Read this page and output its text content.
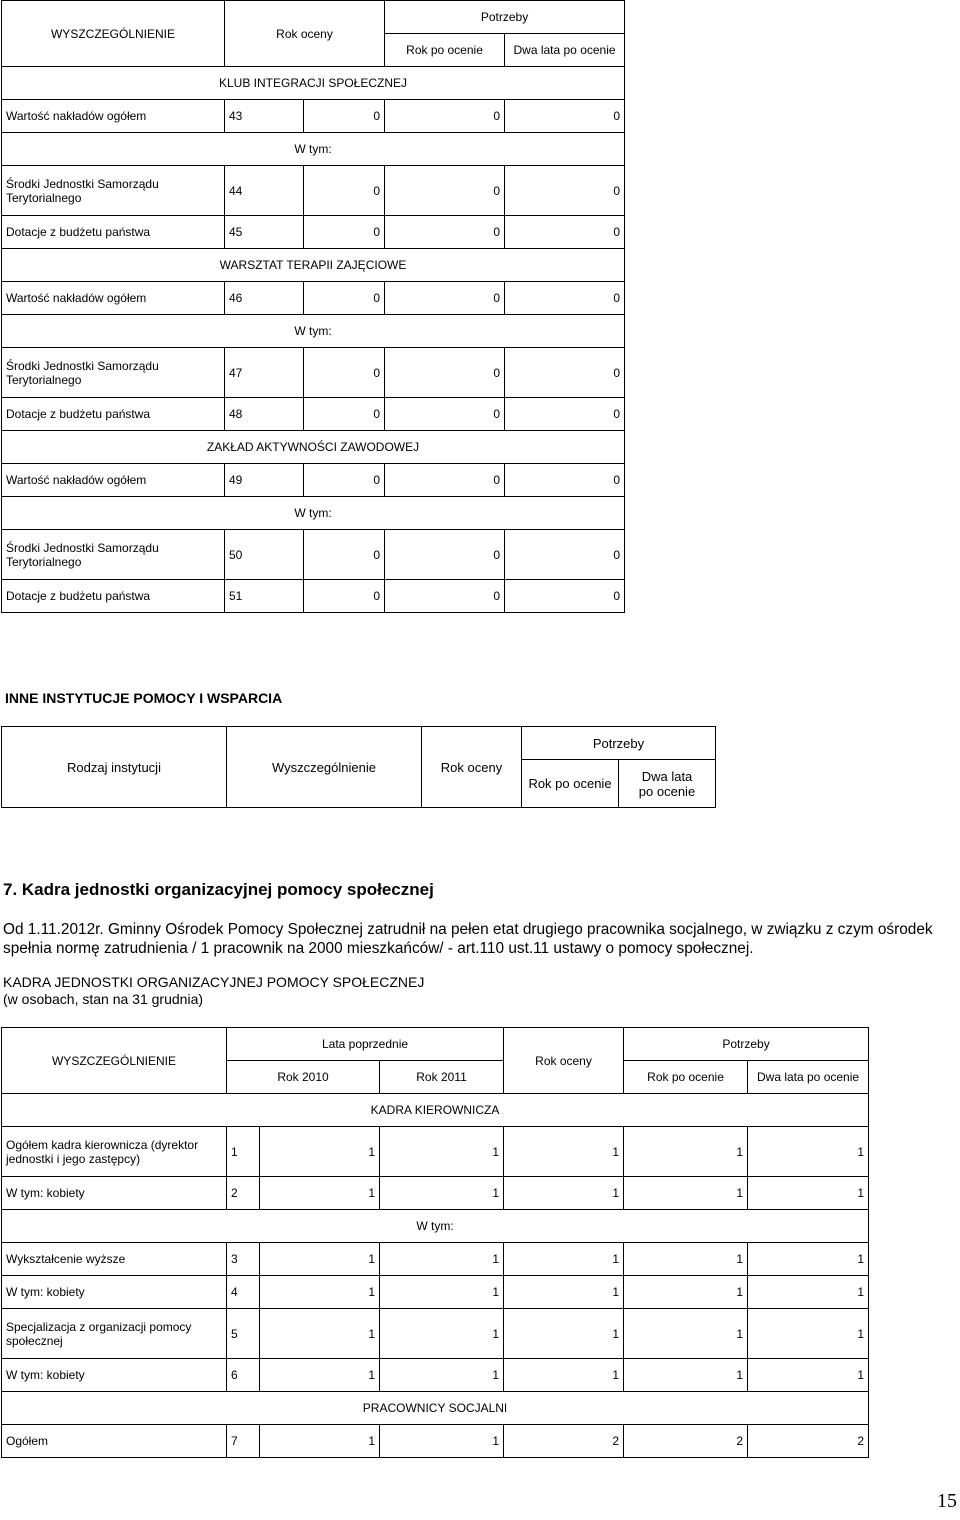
WYSZCZEGÓLNIENIE	Rok oceny		Potrzeby	
			Rok po ocenie	Dwa lata po ocenie
KLUB INTEGRACJI SPOŁECZNEJ				
Wartość nakładów ogółem	43	0	0	0
W tym:				
Środki Jednostki Samorządu Terytorialnego	44	0	0	0
Dotacje z budżetu państwa	45	0	0	0
WARSZTAT TERAPII ZAJĘCIOWE				
Wartość nakładów ogółem	46	0	0	0
W tym:				
Środki Jednostki Samorządu Terytorialnego	47	0	0	0
Dotacje z budżetu państwa	48	0	0	0
ZAKŁAD AKTYWNOŚCI ZAWODOWEJ				
Wartość nakładów ogółem	49	0	0	0
W tym:				
Środki Jednostki Samorządu Terytorialnego	50	0	0	0
Dotacje z budżetu państwa	51	0	0	0
INNE INSTYTUCJE POMOCY I WSPARCIA
Rodzaj instytucji	Wyszczególnienie	Rok oceny	Potrzeby	
			Rok po ocenie	Dwa lata
po ocenie
7. Kadra jednostki organizacyjnej pomocy społecznej
Od 1.11.2012r. Gminny Ośrodek Pomocy Społecznej zatrudnił na pełen etat drugiego pracownika socjalnego, w związku z czym ośrodek spełnia normę zatrudnienia / 1 pracownik na 2000 mieszkańców/ - art.110 ust.11 ustawy o pomocy społecznej.
KADRA JEDNOSTKI ORGANIZACYJNEJ POMOCY SPOŁECZNEJ
(w osobach, stan na 31 grudnia)
WYSZCZEGÓLNIENIE	Lata poprzednie			Rok oceny	Potrzeby	
	Rok 2010		Rok 2011		Rok po ocenie	Dwa lata po ocenie
KADRA KIEROWNICZA						
Ogółem kadra kierownicza (dyrektor jednostki i jego zastępcy)	1	1	1	1	1	1
W tym: kobiety	2	1	1	1	1	1
W tym:						
Wykształcenie wyższe	3	1	1	1	1	1
W tym: kobiety	4	1	1	1	1	1
Specjalizacja z organizacji pomocy społecznej	5	1	1	1	1	1
W tym: kobiety	6	1	1	1	1	1
PRACOWNICY SOCJALNI						
Ogółem	7	1	1	2	2	2
15
